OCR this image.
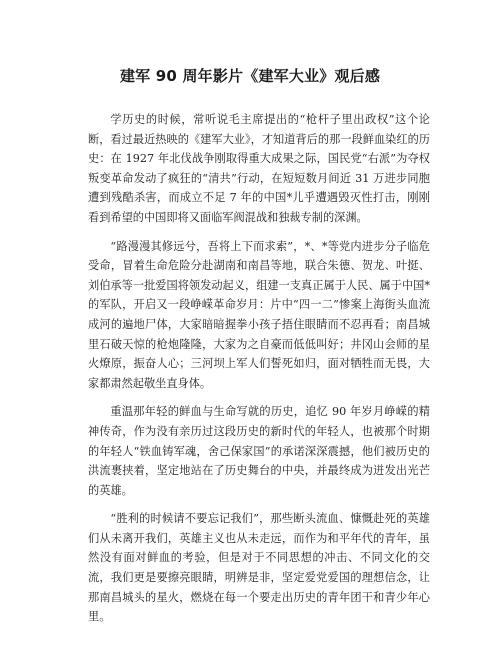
建军 90 周年影片《建军大业》观后感

学历史的时候，常听说毛主席提出的“枪杆子里出政权”这个论断，看过最近热映的《建军大业》，才知道背后的那一段鲜血染红的历史：在 1927 年北伐战争刚取得重大成果之际，国民党“右派”为夺权叛变革命发动了疯狂的“清共”行动，在短短数月间近 31 万进步同胞遭到残酷杀害，而成立不足 7 年的中国*儿乎遭遇毁灭性打击，刚刚看到希望的中国即将又面临军阀混战和独裁专制的深渊。

“路漫漫其修远兮，吾将上下而求索”，*、*等党内进步分子临危受命，冒着生命危险分赴湖南和南昌等地，联合朱德、贺龙、叶挺、刘伯承等一批爱国将领发动起义，组建一支真正属于人民、属于中国*的军队，开启又一段峥嵘革命岁月：片中“四一二”惨案上海街头血流成河的遍地尸体，大家暗暗握拳小孩子捂住眼睛而不忍再看；南昌城里石破天惊的枪炮隆隆，大家为之自豪而低低叫好；井冈山会师的星火燎原，振奋人心；三河坝上军人们誓死如归，面对牺牲而无畏，大家都肃然起敬坐直身体。

重温那年轻的鲜血与生命写就的历史，追忆 90 年岁月峥嵘的精神传奇，作为没有亲历过这段历史的新时代的年轻人，也被那个时期的年轻人“铁血铸军魂，舍己保家国”的承诺深深震撼，他们被历史的洪流裹挟着，坚定地站在了历史舞台的中央，并最终成为迸发出光芒的英雄。

“胜利的时候请不要忘记我们”，那些断头流血、慷慨赴死的英雄们从未离开我们，英雄主义也从未走远，而作为和平年代的青年，虽然没有面对鲜血的考验，但是对于不同思想的冲击、不同文化的交流，我们更是要擦亮眼睛，明辨是非，坚定爱党爱国的理想信念，让那南昌城头的星火，燃烧在每一个要走出历史的青年团干和青少年心里。
